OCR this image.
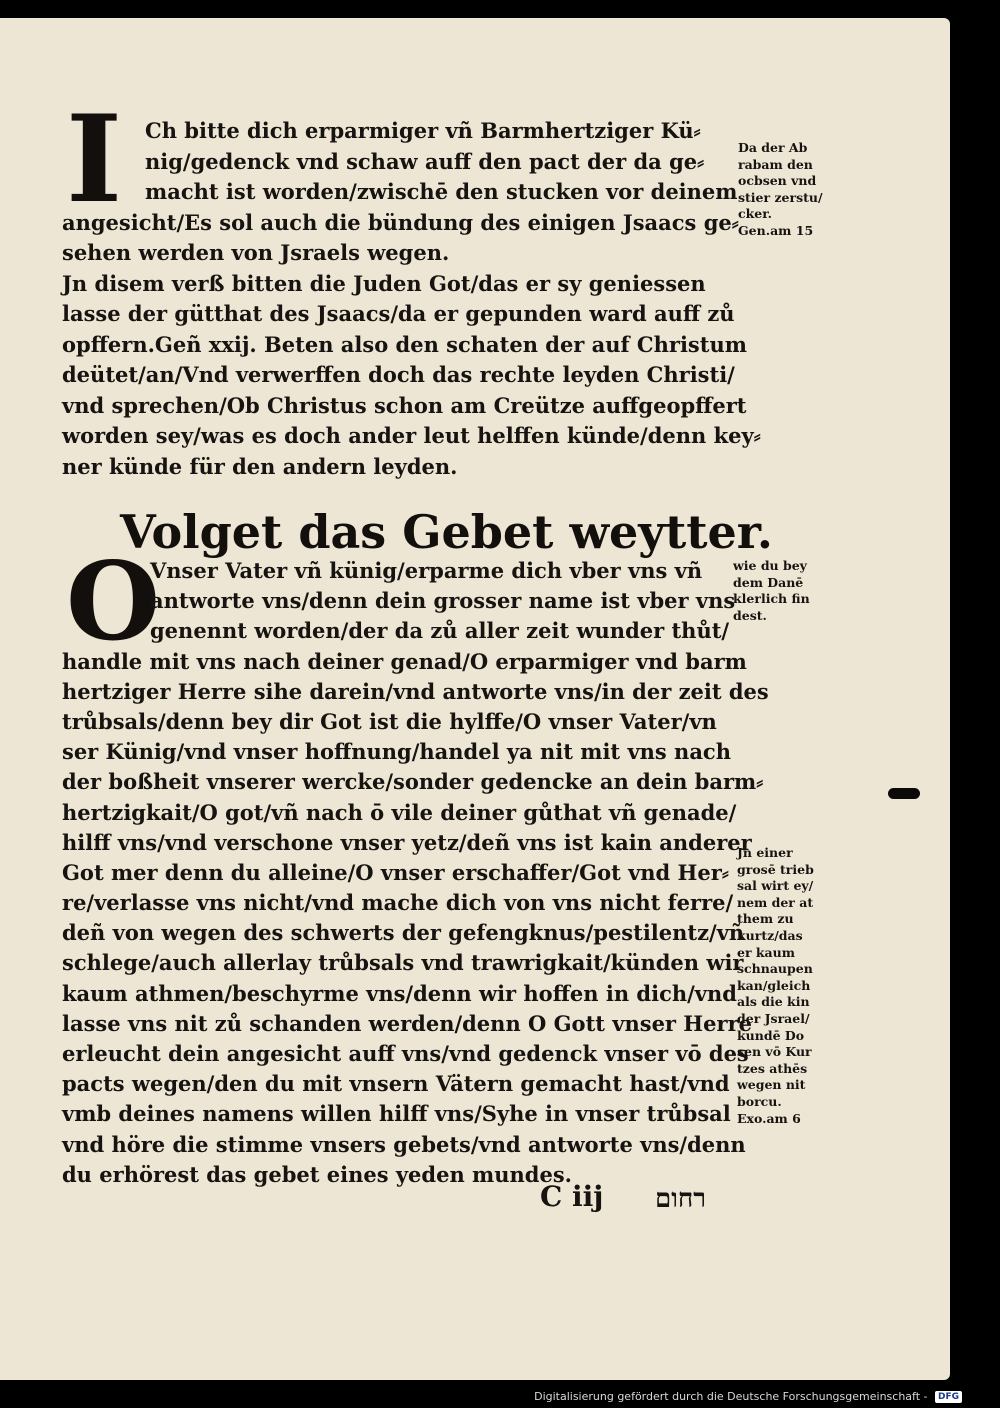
I Ch bitte dich erparmiger vñ Barmhertziger Kü⸗
nig/gedenck vnd schaw auff den pact der da ge⸗
macht ist worden/zwischē den stucken vor deinem
angesicht/Es sol auch die bündung des einigen Jsaacs ge⸗
sehen werden von Jsraels wegen.
Jn disem verß bitten die Juden Got/das er sy geniessen
lasse der gütthat des Jsaacs/da er gepunden ward auff zů
opffern.Geñ xxij. Beten also den schaten der auf Christum
deütet/an/Vnd verwerffen doch das rechte leyden Christi/
vnd sprechen/Ob Christus schon am Creütze auffgeopffert
worden sey/was es doch ander leut helffen künde/denn key⸗
ner künde für den andern leyden.
Da der Ab
rabam den
ocbsen vnd
stier zerstu/
cker.
Gen.am 15
Volget das Gebet weytter.
O
Vnser Vater vñ künig/erparme dich vber vns vñ
antworte vns/denn dein grosser name ist vber vns
genennt worden/der da zů aller zeit wunder thůt/
handle mit vns nach deiner genad/O erparmiger vnd barm
hertziger Herre sihe darein/vnd antworte vns/in der zeit des
trůbsals/denn bey dir Got ist die hylffe/O vnser Vater/vn
ser Künig/vnd vnser hoffnung/handel ya nit mit vns nach
der boßheit vnserer wercke/sonder gedencke an dein barm⸗
hertzigkait/O got/vñ nach ō vile deiner gůthat vñ genade/
hilff vns/vnd verschone vnser yetz/deñ vns ist kain anderer
Got mer denn du alleine/O vnser erschaffer/Got vnd Her⸗
re/verlasse vns nicht/vnd mache dich von vns nicht ferre/
deñ von wegen des schwerts der gefengknus/pestilentz/vñ
schlege/auch allerlay trůbsals vnd trawrigkait/künden wir
kaum athmen/beschyrme vns/denn wir hoffen in dich/vnd
lasse vns nit zů schanden werden/denn O Gott vnser Herre
erleucht dein angesicht auff vns/vnd gedenck vnser vō des
pacts wegen/den du mit vnsern Vätern gemacht hast/vnd
vmb deines namens willen hilff vns/Syhe in vnser trůbsal
vnd höre die stimme vnsers gebets/vnd antworte vns/denn
du erhörest das gebet eines yeden mundes.
wie du bey
dem Danē
klerlich fin
dest.
Jn einer
grosē trieb
sal wirt ey/
nem der at
them zu
kurtz/das
er kaum
schnaupen
kan/gleich
als die kin
der Jsrael/
kundē Do
sen vō Kur
tzes athēs
wegen nit
borcu.
Exo.am 6
C iij רחום
Digitalisierung gefördert durch die Deutsche Forschungsgemeinschaft - DFG
